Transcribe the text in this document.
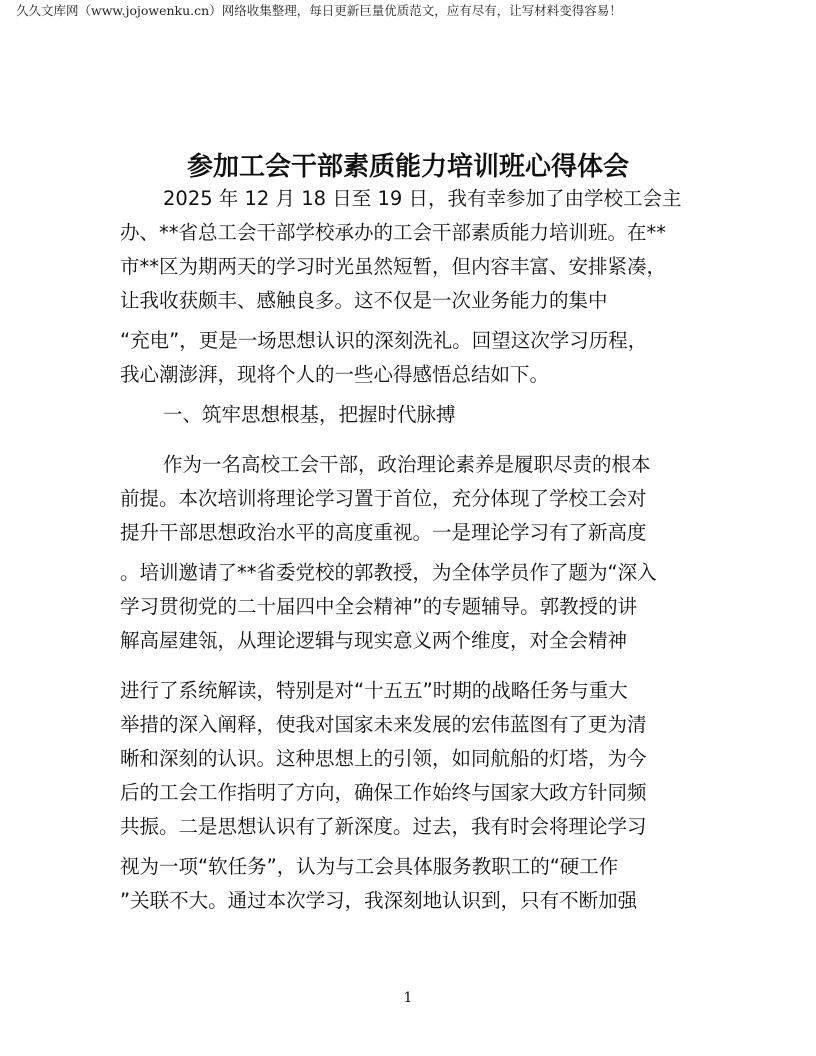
久久文库网（www.jojowenku.cn）网络收集整理，每日更新巨量优质范文，应有尽有，让写材料变得容易！
参加工会干部素质能力培训班心得体会
2025 年 12 月 18 日至 19 日，我有幸参加了由学校工会主
办、**省总工会干部学校承办的工会干部素质能力培训班。在**
市**区为期两天的学习时光虽然短暂，但内容丰富、安排紧凑，
让我收获颇丰、感触良多。这不仅是一次业务能力的集中
“充电”，更是一场思想认识的深刻洗礼。回望这次学习历程，
我心潮澎湃，现将个人的一些心得感悟总结如下。
一、筑牢思想根基，把握时代脉搏
作为一名高校工会干部，政治理论素养是履职尽责的根本
前提。本次培训将理论学习置于首位，充分体现了学校工会对
提升干部思想政治水平的高度重视。一是理论学习有了新高度
。培训邀请了**省委党校的郭教授，为全体学员作了题为“深入
学习贯彻党的二十届四中全会精神”的专题辅导。郭教授的讲
解高屋建瓴，从理论逻辑与现实意义两个维度，对全会精神
进行了系统解读，特别是对“十五五”时期的战略任务与重大
举措的深入阐释，使我对国家未来发展的宏伟蓝图有了更为清
晰和深刻的认识。这种思想上的引领，如同航船的灯塔，为今
后的工会工作指明了方向，确保工作始终与国家大政方针同频
共振。二是思想认识有了新深度。过去，我有时会将理论学习
视为一项“软任务”，认为与工会具体服务教职工的“硬工作
”关联不大。通过本次学习，我深刻地认识到，只有不断加强
1
